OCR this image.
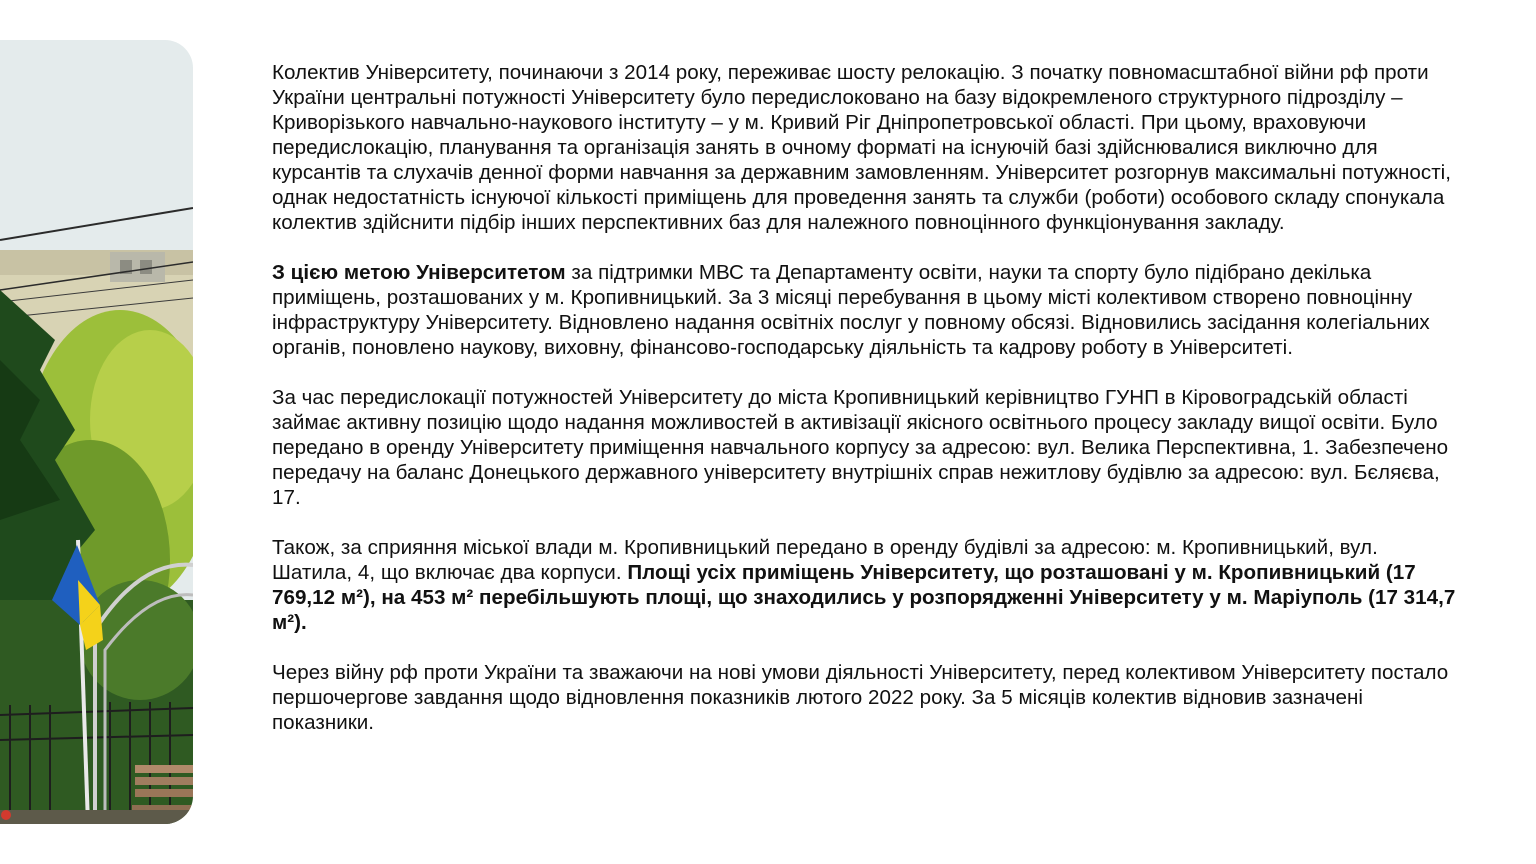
Колектив Університету, починаючи з 2014 року, переживає шосту релокацію. З початку повномасштабної війни рф проти України центральні потужності Університету було передислоковано на базу відокремленого структурного підрозділу – Криворізького навчально-наукового інституту – у м. Кривий Ріг Дніпропетровської області. При цьому, враховуючи передислокацію, планування та організація занять в очному форматі на існуючій базі здійснювалися виключно для курсантів та слухачів денної форми навчання за державним замовленням. Університет розгорнув максимальні потужності, однак недостатність існуючої кількості приміщень для проведення занять та служби (роботи) особового складу спонукала колектив здійснити підбір інших перспективних баз для належного повноцінного функціонування закладу.

З цією метою Університетом за підтримки МВС та Департаменту освіти, науки та спорту було підібрано декілька приміщень, розташованих у м. Кропивницький. За 3 місяці перебування в цьому місті колективом створено повноцінну інфраструктуру Університету. Відновлено надання освітніх послуг у повному обсязі. Відновились засідання колегіальних органів, поновлено наукову, виховну, фінансово-господарську діяльність та кадрову роботу в Університеті.

За час передислокації потужностей Університету до міста Кропивницький керівництво ГУНП в Кіровоградській області займає активну позицію щодо надання можливостей в активізації якісного освітнього процесу закладу вищої освіти. Було передано в оренду Університету приміщення навчального корпусу за адресою: вул. Велика Перспективна, 1. Забезпечено передачу на баланс Донецького державного університету внутрішніх справ нежитлову будівлю за адресою: вул. Бєляєва, 17.

Також, за сприяння міської влади м. Кропивницький передано в оренду будівлі за адресою: м. Кропивницький, вул. Шатила, 4, що включає два корпуси. Площі усіх приміщень Університету, що розташовані у м. Кропивницький (17 769,12 м²), на 453 м² перебільшують площі, що знаходились у розпорядженні Університету у м. Маріуполь (17 314,7 м²).

Через війну рф проти України та зважаючи на нові умови діяльності Університету, перед колективом Університету постало першочергове завдання щодо відновлення показників лютого 2022 року. За 5 місяців колектив відновив зазначені показники.
